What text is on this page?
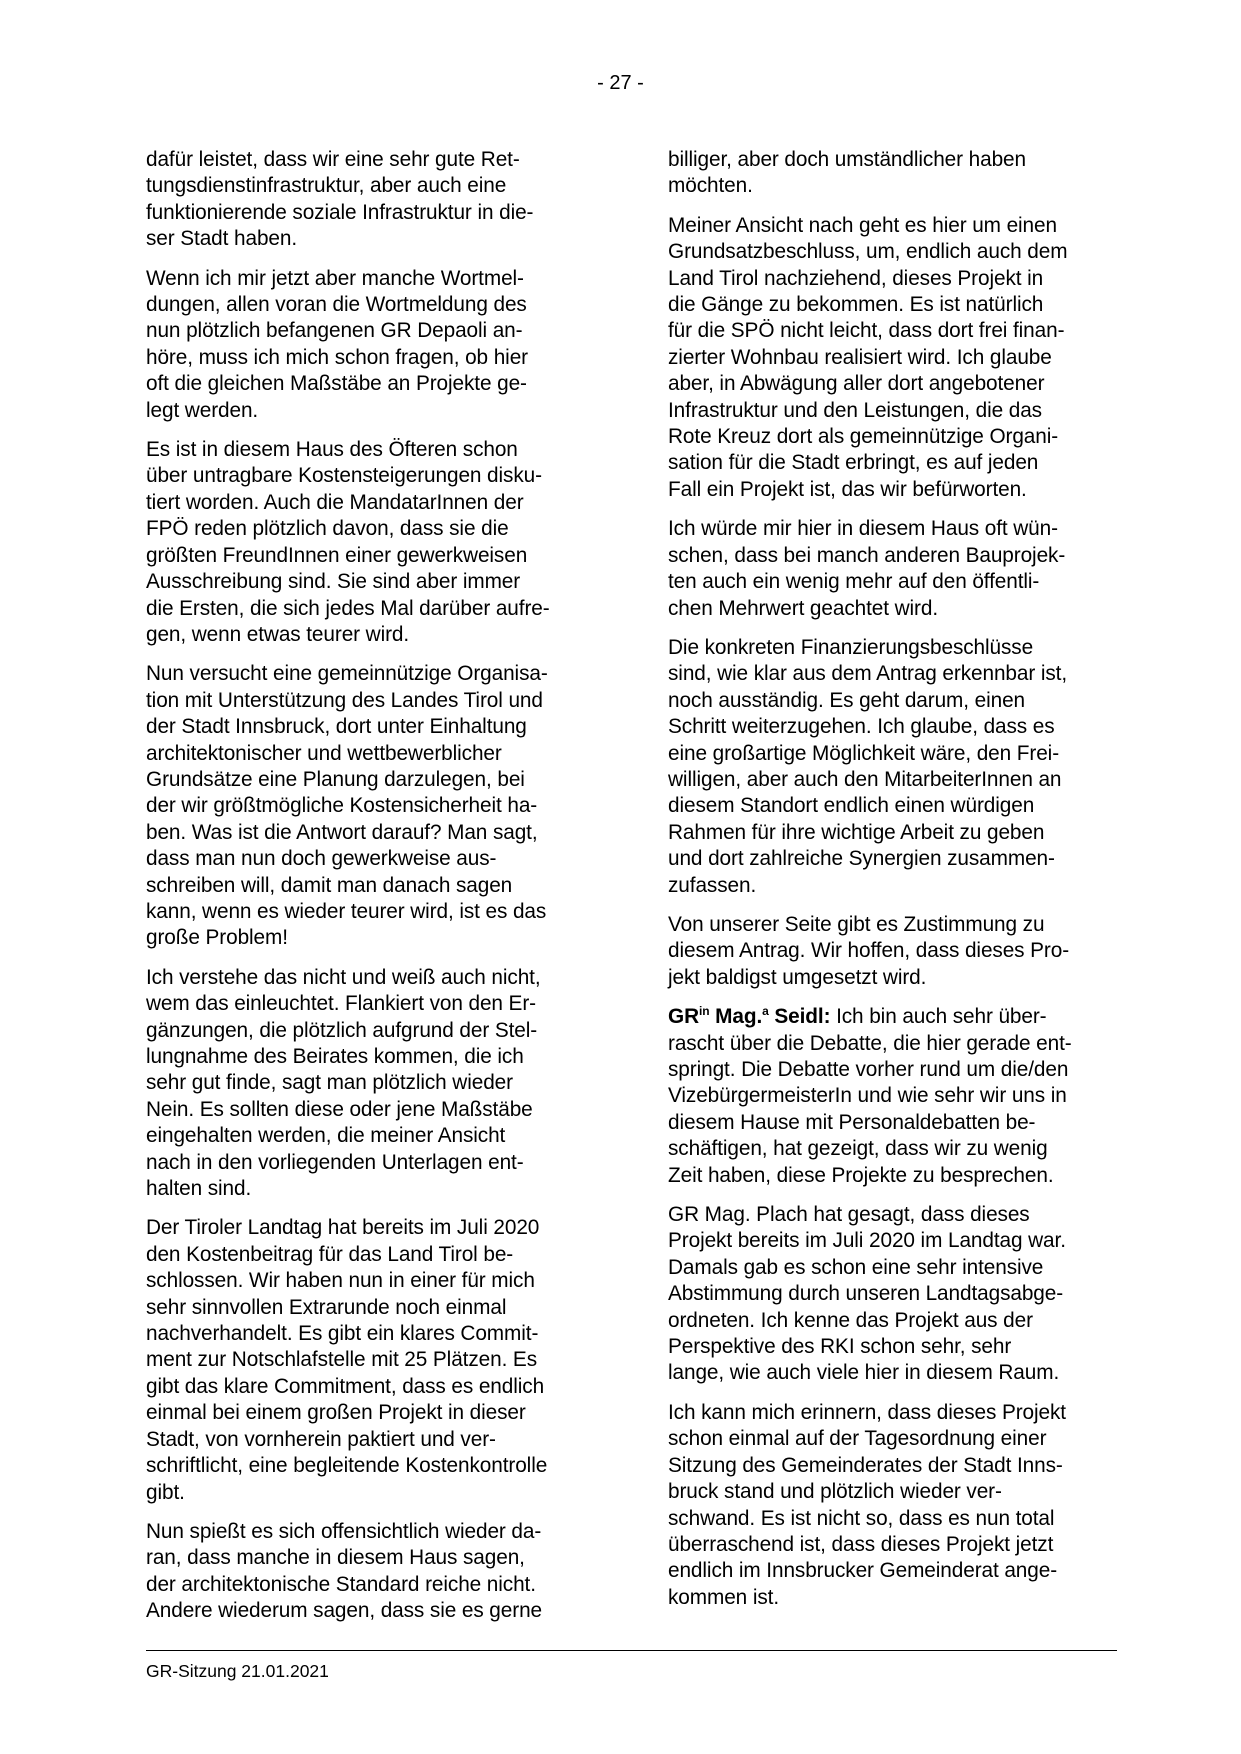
- 27 -
dafür leistet, dass wir eine sehr gute Ret-
tungsdienstinfrastruktur, aber auch eine
funktionierende soziale Infrastruktur in die-
ser Stadt haben.
Wenn ich mir jetzt aber manche Wortmel-
dungen, allen voran die Wortmeldung des
nun plötzlich befangenen GR Depaoli an-
höre, muss ich mich schon fragen, ob hier
oft die gleichen Maßstäbe an Projekte ge-
legt werden.
Es ist in diesem Haus des Öfteren schon
über untragbare Kostensteigerungen disku-
tiert worden. Auch die MandatarInnen der
FPÖ reden plötzlich davon, dass sie die
größten FreundInnen einer gewerkweisen
Ausschreibung sind. Sie sind aber immer
die Ersten, die sich jedes Mal darüber aufre-
gen, wenn etwas teurer wird.
Nun versucht eine gemeinnützige Organisa-
tion mit Unterstützung des Landes Tirol und
der Stadt Innsbruck, dort unter Einhaltung
architektonischer und wettbewerblicher
Grundsätze eine Planung darzulegen, bei
der wir größtmögliche Kostensicherheit ha-
ben. Was ist die Antwort darauf? Man sagt,
dass man nun doch gewerkweise aus-
schreiben will, damit man danach sagen
kann, wenn es wieder teurer wird, ist es das
große Problem!
Ich verstehe das nicht und weiß auch nicht,
wem das einleuchtet. Flankiert von den Er-
gänzungen, die plötzlich aufgrund der Stel-
lungnahme des Beirates kommen, die ich
sehr gut finde, sagt man plötzlich wieder
Nein. Es sollten diese oder jene Maßstäbe
eingehalten werden, die meiner Ansicht
nach in den vorliegenden Unterlagen ent-
halten sind.
Der Tiroler Landtag hat bereits im Juli 2020
den Kostenbeitrag für das Land Tirol be-
schlossen. Wir haben nun in einer für mich
sehr sinnvollen Extrarunde noch einmal
nachverhandelt. Es gibt ein klares Commit-
ment zur Notschlafstelle mit 25 Plätzen. Es
gibt das klare Commitment, dass es endlich
einmal bei einem großen Projekt in dieser
Stadt, von vornherein paktiert und ver-
schriftlicht, eine begleitende Kostenkontrolle
gibt.
Nun spießt es sich offensichtlich wieder da-
ran, dass manche in diesem Haus sagen,
der architektonische Standard reiche nicht.
Andere wiederum sagen, dass sie es gerne
billiger, aber doch umständlicher haben
möchten.
Meiner Ansicht nach geht es hier um einen
Grundsatzbeschluss, um, endlich auch dem
Land Tirol nachziehend, dieses Projekt in
die Gänge zu bekommen. Es ist natürlich
für die SPÖ nicht leicht, dass dort frei finan-
zierter Wohnbau realisiert wird. Ich glaube
aber, in Abwägung aller dort angebotener
Infrastruktur und den Leistungen, die das
Rote Kreuz dort als gemeinnützige Organi-
sation für die Stadt erbringt, es auf jeden
Fall ein Projekt ist, das wir befürworten.
Ich würde mir hier in diesem Haus oft wün-
schen, dass bei manch anderen Bauprojek-
ten auch ein wenig mehr auf den öffentli-
chen Mehrwert geachtet wird.
Die konkreten Finanzierungsbeschlüsse
sind, wie klar aus dem Antrag erkennbar ist,
noch ausständig. Es geht darum, einen
Schritt weiterzugehen. Ich glaube, dass es
eine großartige Möglichkeit wäre, den Frei-
willigen, aber auch den MitarbeiterInnen an
diesem Standort endlich einen würdigen
Rahmen für ihre wichtige Arbeit zu geben
und dort zahlreiche Synergien zusammen-
zufassen.
Von unserer Seite gibt es Zustimmung zu
diesem Antrag. Wir hoffen, dass dieses Pro-
jekt baldigst umgesetzt wird.
$GR^{in}$ Mag.$^a$ Seidl: Ich bin auch sehr über-
rascht über die Debatte, die hier gerade ent-
springt. Die Debatte vorher rund um die/den
VizebürgermeisterIn und wie sehr wir uns in
diesem Hause mit Personaldebatten be-
schäftigen, hat gezeigt, dass wir zu wenig
Zeit haben, diese Projekte zu besprechen.
GR Mag. Plach hat gesagt, dass dieses
Projekt bereits im Juli 2020 im Landtag war.
Damals gab es schon eine sehr intensive
Abstimmung durch unseren Landtagsabge-
ordneten. Ich kenne das Projekt aus der
Perspektive des RKI schon sehr, sehr
lange, wie auch viele hier in diesem Raum.
Ich kann mich erinnern, dass dieses Projekt
schon einmal auf der Tagesordnung einer
Sitzung des Gemeinderates der Stadt Inns-
bruck stand und plötzlich wieder ver-
schwand. Es ist nicht so, dass es nun total
überraschend ist, dass dieses Projekt jetzt
endlich im Innsbrucker Gemeinderat ange-
kommen ist.
GR-Sitzung 21.01.2021
